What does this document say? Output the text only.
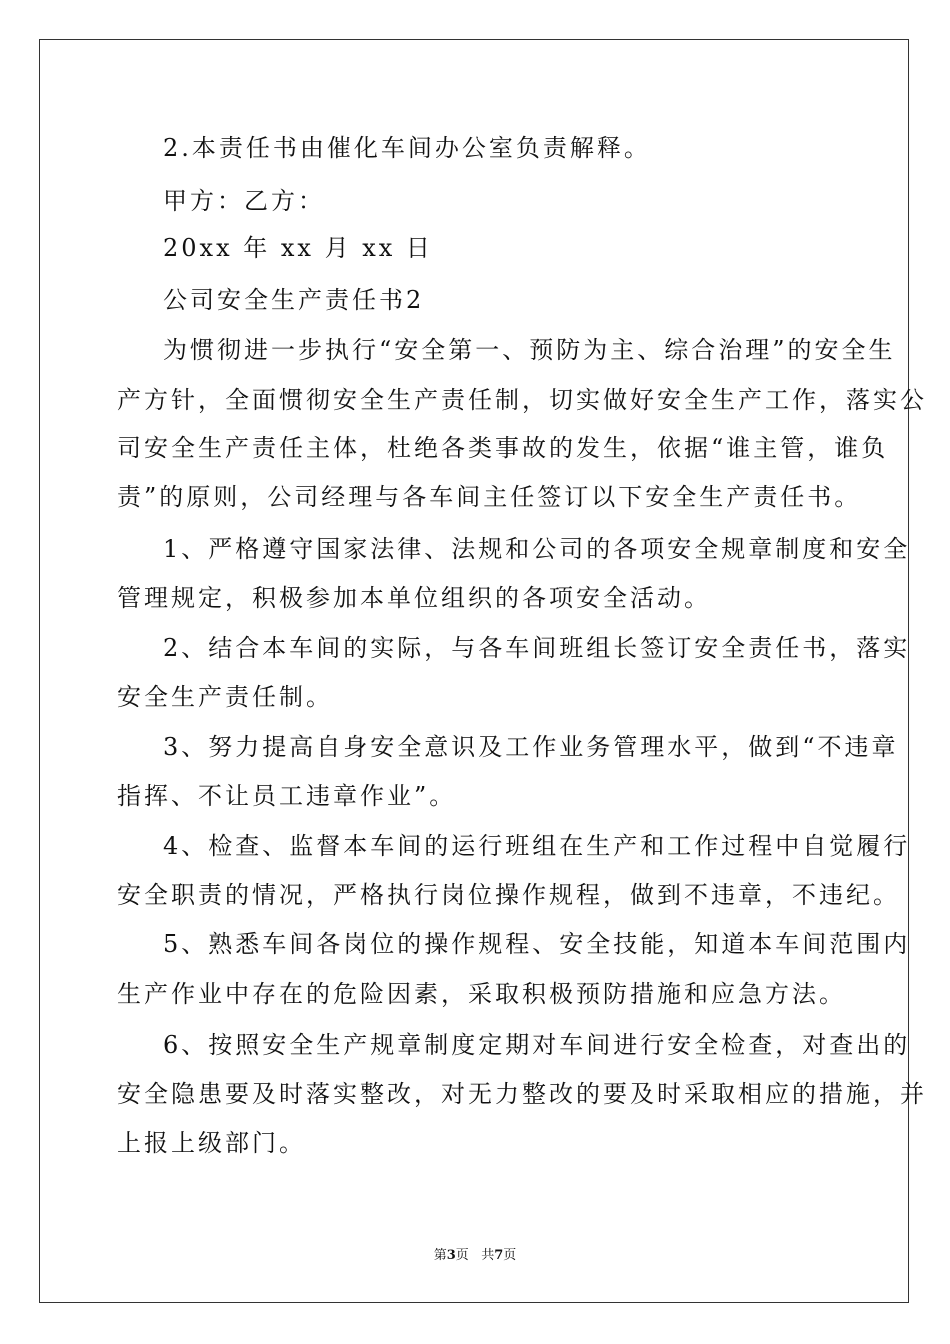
2.本责任书由催化车间办公室负责解释。
甲方：乙方：
20xx 年 xx 月 xx 日
公司安全生产责任书2
为惯彻进一步执行“安全第一、预防为主、综合治理”的安全生
产方针，全面惯彻安全生产责任制，切实做好安全生产工作，落实公
司安全生产责任主体，杜绝各类事故的发生，依据“谁主管，谁负
责”的原则，公司经理与各车间主任签订以下安全生产责任书。
1、严格遵守国家法律、法规和公司的各项安全规章制度和安全
管理规定，积极参加本单位组织的各项安全活动。
2、结合本车间的实际，与各车间班组长签订安全责任书，落实
安全生产责任制。
3、努力提高自身安全意识及工作业务管理水平，做到“不违章
指挥、不让员工违章作业”。
4、检查、监督本车间的运行班组在生产和工作过程中自觉履行
安全职责的情况，严格执行岗位操作规程，做到不违章，不违纪。
5、熟悉车间各岗位的操作规程、安全技能，知道本车间范围内
生产作业中存在的危险因素，采取积极预防措施和应急方法。
6、按照安全生产规章制度定期对车间进行安全检查，对查出的
安全隐患要及时落实整改，对无力整改的要及时采取相应的措施，并
上报上级部门。
第3页 共7页
